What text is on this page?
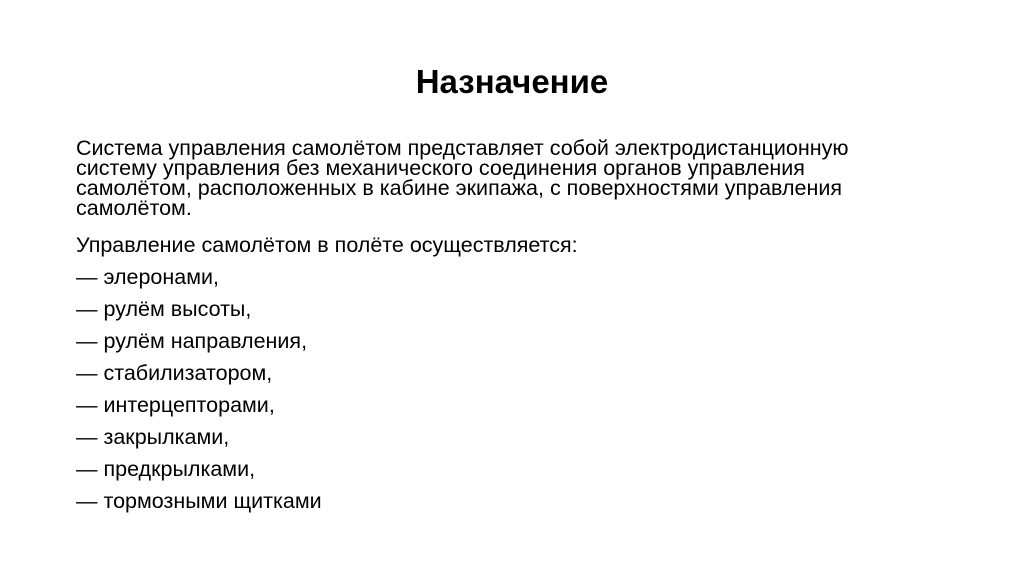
Назначение
Система управления самолётом представляет собой электродистанционную
систему управления без механического соединения органов управления
самолётом, расположенных в кабине экипажа, с поверхностями управления
самолётом.
Управление самолётом в полёте осуществляется:
— элеронами,
— рулём высоты,
— рулём направления,
— стабилизатором,
— интерцепторами,
— закрылками,
— предкрылками,
— тормозными щитками
